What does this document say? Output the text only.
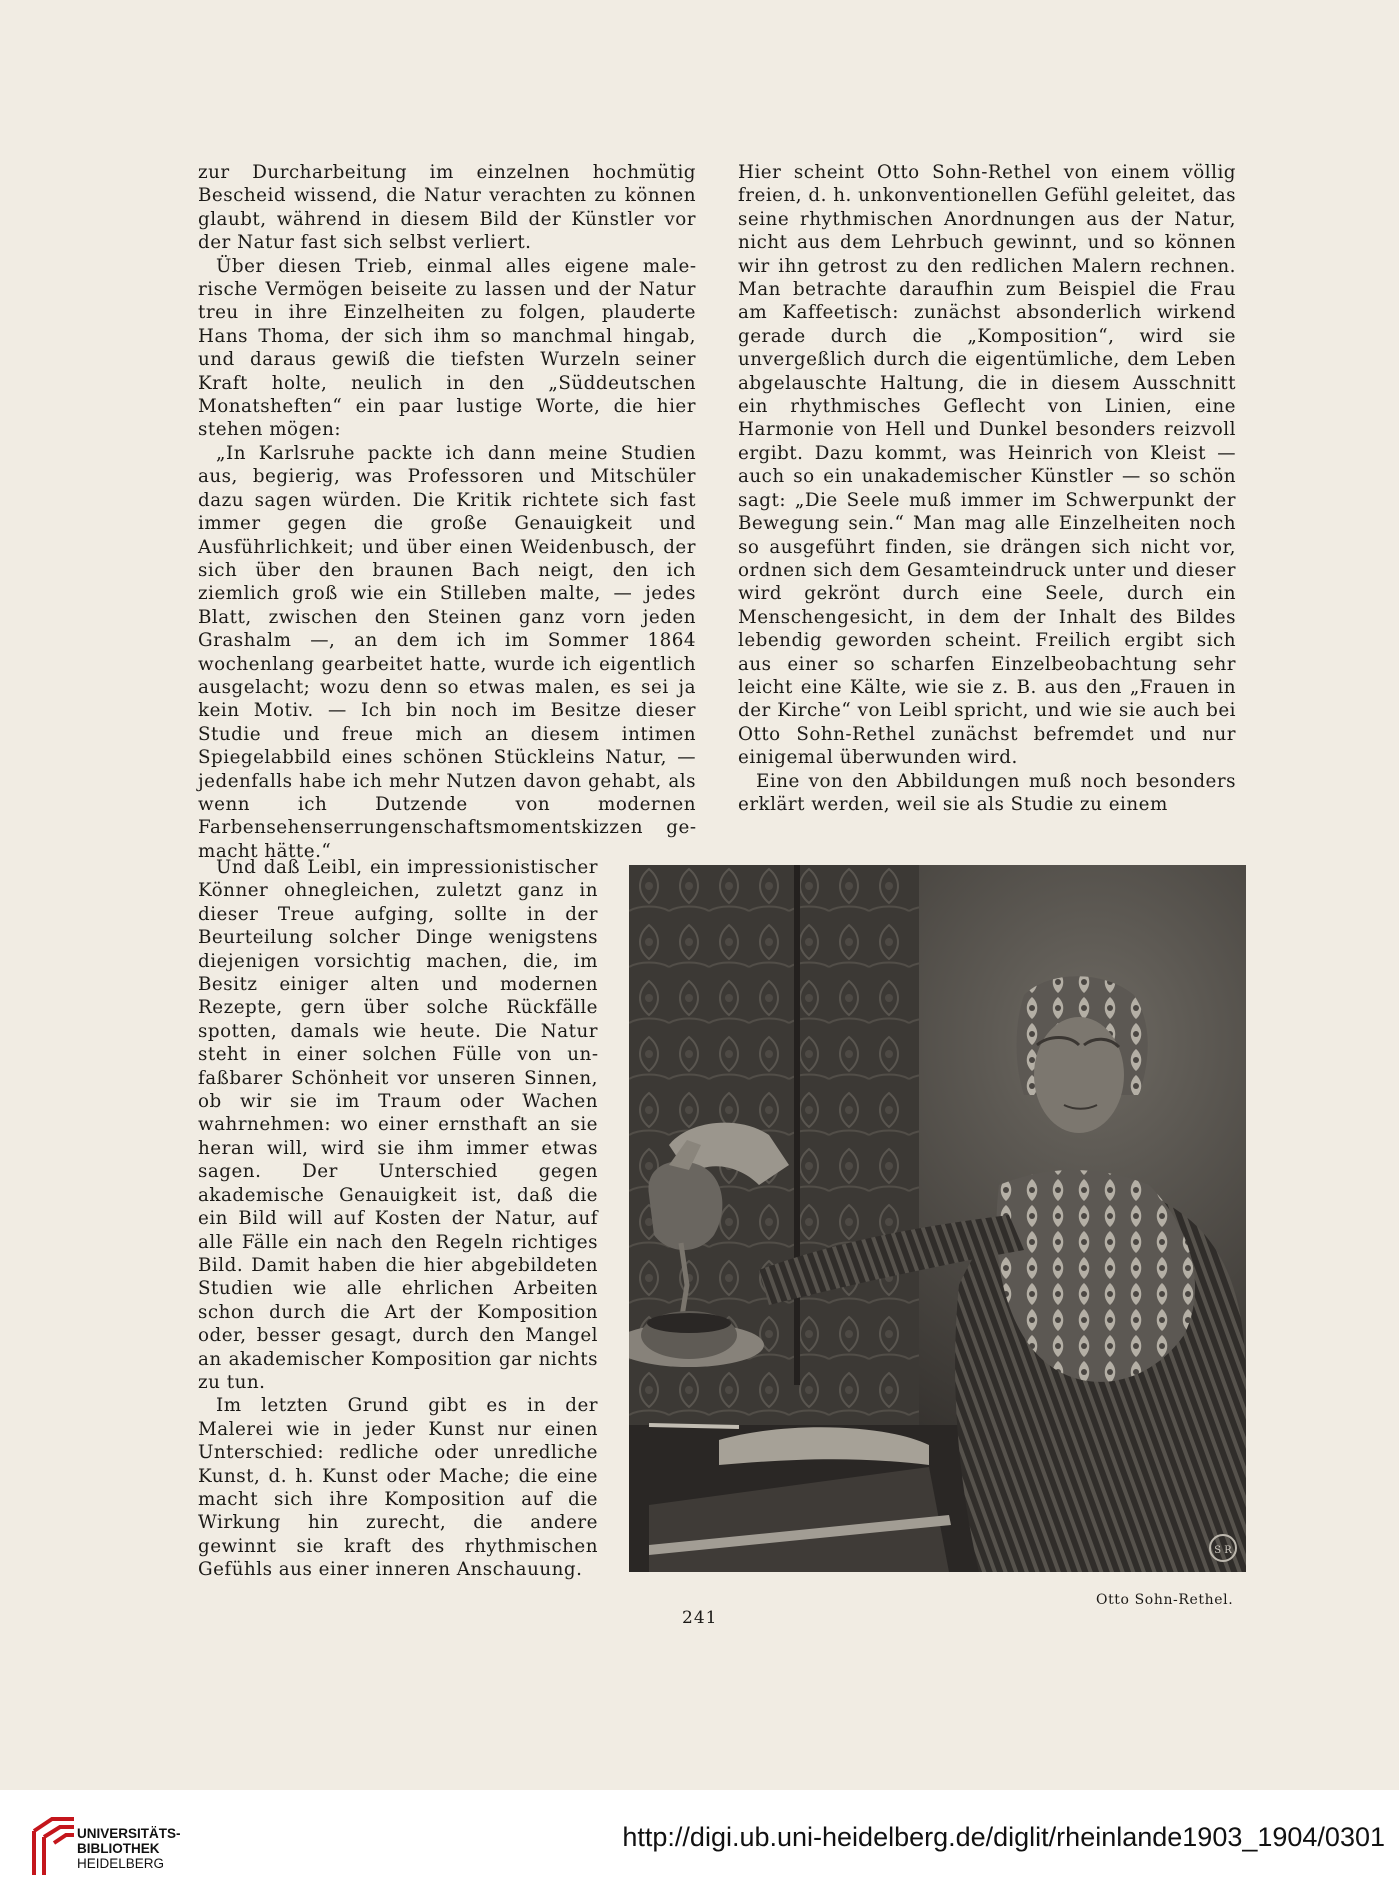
zur Durcharbeitung im einzelnen hochmütig Bescheid wissend, die Natur verachten zu können glaubt, während in diesem Bild der Künstler vor der Natur fast sich selbst verliert.

Über diesen Trieb, einmal alles eigene malerische Vermögen beiseite zu lassen und der Natur treu in ihre Einzelheiten zu folgen, plauderte Hans Thoma, der sich ihm so manchmal hingab, und daraus gewiß die tiefsten Wurzeln seiner Kraft holte, neulich in den „Süddeutschen Monatsheften“ ein paar lustige Worte, die hier stehen mögen:

„In Karlsruhe packte ich dann meine Studien aus, begierig, was Professoren und Mitschüler dazu sagen würden. Die Kritik richtete sich fast immer gegen die große Genauigkeit und Ausführlichkeit; und über einen Weidenbusch, der sich über den braunen Bach neigt, den ich ziemlich groß wie ein Stilleben malte, — jedes Blatt, zwischen den Steinen ganz vorn jeden Grashalm —, an dem ich im Sommer 1864 wochenlang gearbeitet hatte, wurde ich eigentlich ausgelacht; wozu denn so etwas malen, es sei ja kein Motiv. — Ich bin noch im Besitze dieser Studie und freue mich an diesem intimen Spiegelabbild eines schönen Stückleins Natur, — jedenfalls habe ich mehr Nutzen davon gehabt, als wenn ich Dutzende von modernen Farbensehenserrungenschaftsmomentskizzen gemacht hätte.“

Und daß Leibl, ein impressionistischer Könner ohnegleichen, zuletzt ganz in dieser Treue aufging, sollte in der Beurteilung solcher Dinge wenigstens diejenigen vorsichtig machen, die, im Besitz einiger alten und modernen Rezepte, gern über solche Rückfälle spotten, damals wie heute. Die Natur steht in einer solchen Fülle von unfaßbarer Schönheit vor unseren Sinnen, ob wir sie im Traum oder Wachen wahrnehmen: wo einer ernsthaft an sie heran will, wird sie ihm immer etwas sagen. Der Unterschied gegen akademische Genauigkeit ist, daß die ein Bild will auf Kosten der Natur, auf alle Fälle ein nach den Regeln richtiges Bild. Damit haben die hier abgebildeten Studien wie alle ehrlichen Arbeiten schon durch die Art der Komposition oder, besser gesagt, durch den Mangel an akademischer Komposition gar nichts zu tun.

Im letzten Grund gibt es in der Malerei wie in jeder Kunst nur einen Unterschied: redliche oder unredliche Kunst, d. h. Kunst oder Mache; die eine macht sich ihre Komposition auf die Wirkung hin zurecht, die andere gewinnt sie kraft des rhythmischen Gefühls aus einer inneren Anschauung.

Hier scheint Otto Sohn-Rethel von einem völlig freien, d. h. unkonventionellen Gefühl geleitet, das seine rhythmischen Anordnungen aus der Natur, nicht aus dem Lehrbuch gewinnt, und so können wir ihn getrost zu den redlichen Malern rechnen. Man betrachte daraufhin zum Beispiel die Frau am Kaffeetisch: zunächst absonderlich wirkend gerade durch die „Komposition“, wird sie unvergeßlich durch die eigentümliche, dem Leben abgelauschte Haltung, die in diesem Ausschnitt ein rhythmisches Geflecht von Linien, eine Harmonie von Hell und Dunkel besonders reizvoll ergibt. Dazu kommt, was Heinrich von Kleist — auch so ein unakademischer Künstler — so schön sagt: „Die Seele muß immer im Schwerpunkt der Bewegung sein.“ Man mag alle Einzelheiten noch so ausgeführt finden, sie drängen sich nicht vor, ordnen sich dem Gesamteindruck unter und dieser wird gekrönt durch eine Seele, durch ein Menschengesicht, in dem der Inhalt des Bildes lebendig geworden scheint. Freilich ergibt sich aus einer so scharfen Einzelbeobachtung sehr leicht eine Kälte, wie sie z. B. aus den „Frauen in der Kirche“ von Leibl spricht, und wie sie auch bei Otto Sohn-Rethel zunächst befremdet und nur einigemal überwunden wird.

Eine von den Abbildungen muß noch besonders erklärt werden, weil sie als Studie zu einem

S R
Otto Sohn-Rethel.
241
UNIVERSITÄTS-
BIBLIOTHEK
HEIDELBERG
http://digi.ub.uni-heidelberg.de/diglit/rheinlande1903_1904/0301
